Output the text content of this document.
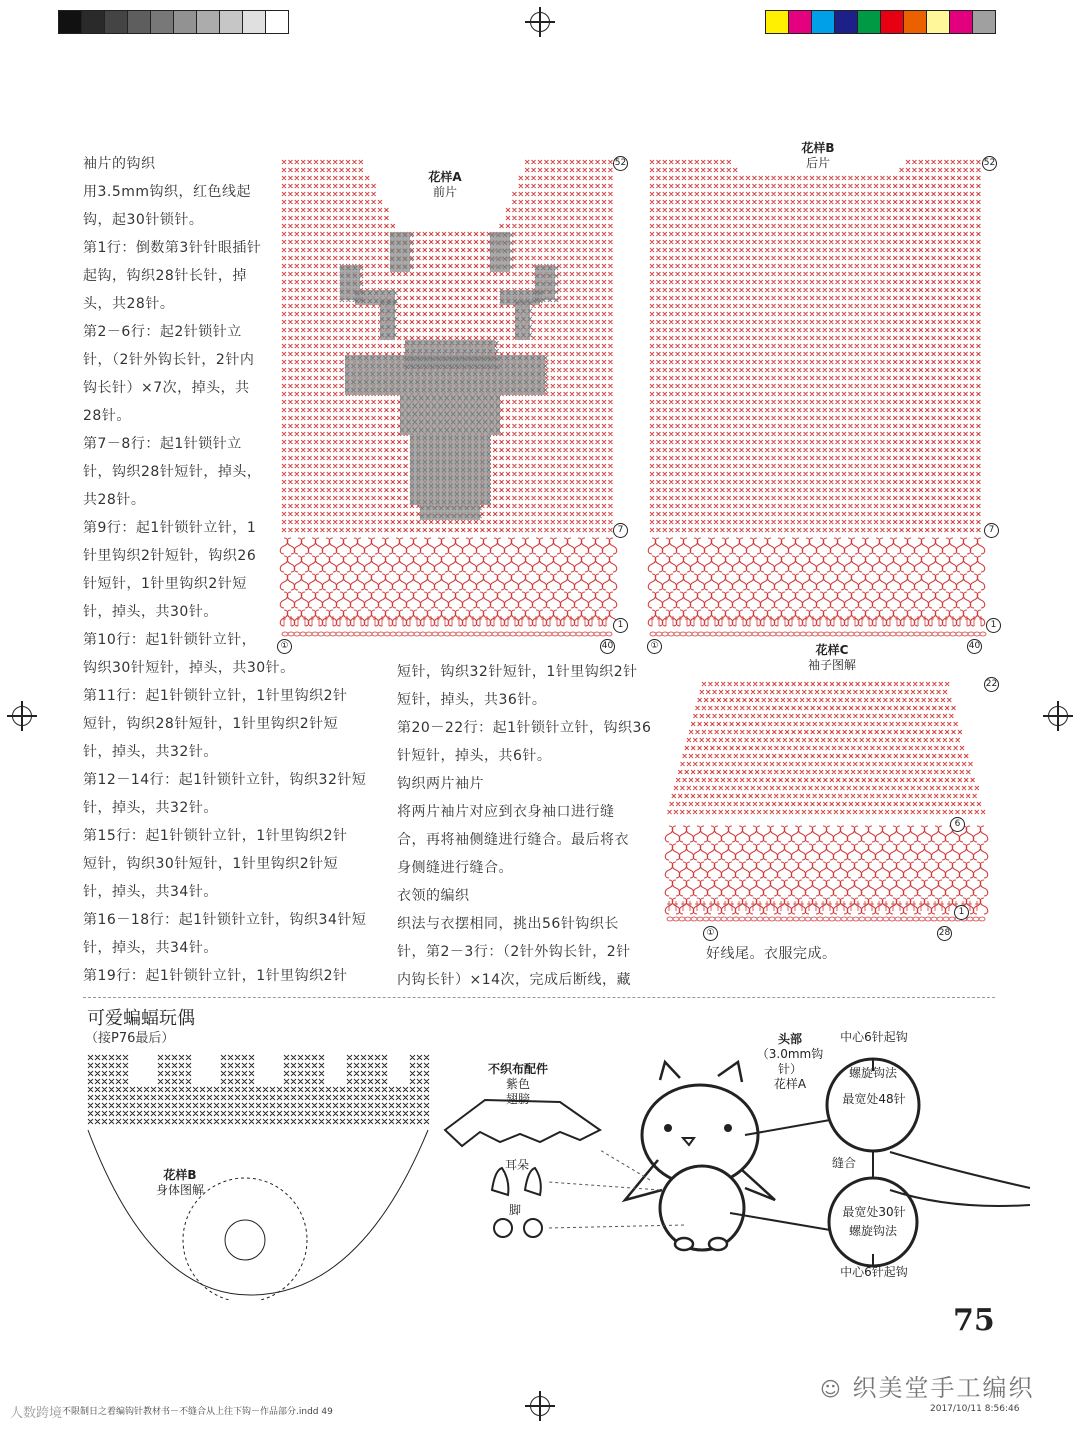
袖片的钩织

用3.5mm钩织，红色线起

钩，起30针锁针。

第1行：倒数第3针针眼插针

起钩，钩织28针长针，掉

头，共28针。

第2－6行：起2针锁针立

针，（2针外钩长针，2针内

钩长针）×7次，掉头，共

28针。

第7－8行：起1针锁针立

针，钩织28针短针，掉头，

共28针。

第9行：起1针锁针立针，1

针里钩织2针短针，钩织26

针短针，1针里钩织2针短

针，掉头，共30针。

第10行：起1针锁针立针，

钩织30针短针，掉头，共30针。

第11行：起1针锁针立针，1针里钩织2针

短针，钩织28针短针，1针里钩织2针短

针，掉头，共32针。

第12－14行：起1针锁针立针，钩织32针短

针，掉头，共32针。

第15行：起1针锁针立针，1针里钩织2针

短针，钩织30针短针，1针里钩织2针短

针，掉头，共34针。

第16－18行：起1针锁针立针，钩织34针短

针，掉头，共34针。

第19行：起1针锁针立针，1针里钩织2针

短针，钩织32针短针，1针里钩织2针

短针，掉头，共36针。

第20－22行：起1针锁针立针，钩织36

针短针，掉头，共6针。

钩织两片袖片

将两片袖片对应到衣身袖口进行缝

合，再将袖侧缝进行缝合。最后将衣

身侧缝进行缝合。

衣领的编织

织法与衣摆相同，挑出56针钩织长

针，第2－3行：（2针外钩长针，2针

内钩长针）×14次，完成后断线，藏

好线尾。衣服完成。
花样A
前片
花样B
后片
花样C
袖子图解
52
7
1
①	40
52
7
1
①	40
22
6
1
①	28
可爱蝙蝠玩偶
（接P76最后）
花样B
身体图解
不织布配件
紫色
翅膀
耳朵
脚
头部
（3.0mm钩针）
花样A
中心6针起钩
螺旋钩法
最宽处48针
缝合
最宽处30针
螺旋钩法
中心6针起钩
75
☺ 织美堂手工编织
人数跨境 不限制日之着编钩针教材书－不缝合从上往下钩－作品部分.indd 49	2017/10/11 8:56:46
